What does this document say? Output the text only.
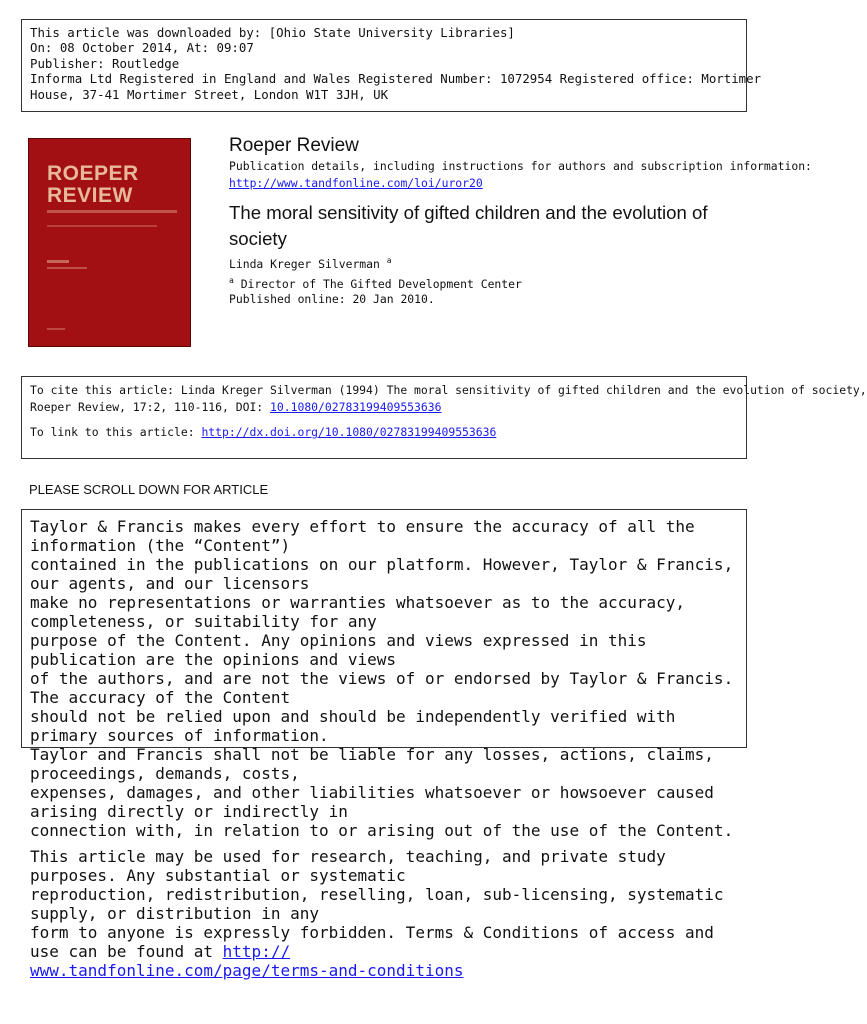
This article was downloaded by: [Ohio State University Libraries]
On: 08 October 2014, At: 09:07
Publisher: Routledge
Informa Ltd Registered in England and Wales Registered Number: 1072954 Registered office: Mortimer
House, 37-41 Mortimer Street, London W1T 3JH, UK
ROEPER
REVIEW
Roeper Review
Publication details, including instructions for authors and subscription information:
http://www.tandfonline.com/loi/uror20
The moral sensitivity of gifted children and the evolution of society
Linda Kreger Silverman $^a$
$^a$ Director of The Gifted Development Center
Published online: 20 Jan 2010.
To cite this article: Linda Kreger Silverman (1994) The moral sensitivity of gifted children and the evolution of society,
Roeper Review, 17:2, 110-116, DOI: 10.1080/02783199409553636
To link to this article: http://dx.doi.org/10.1080/02783199409553636
PLEASE SCROLL DOWN FOR ARTICLE

Taylor & Francis makes every effort to ensure the accuracy of all the information (the “Content”)
contained in the publications on our platform. However, Taylor & Francis, our agents, and our licensors
make no representations or warranties whatsoever as to the accuracy, completeness, or suitability for any
purpose of the Content. Any opinions and views expressed in this publication are the opinions and views
of the authors, and are not the views of or endorsed by Taylor & Francis. The accuracy of the Content
should not be relied upon and should be independently verified with primary sources of information.
Taylor and Francis shall not be liable for any losses, actions, claims, proceedings, demands, costs,
expenses, damages, and other liabilities whatsoever or howsoever caused arising directly or indirectly in
connection with, in relation to or arising out of the use of the Content.

This article may be used for research, teaching, and private study purposes. Any substantial or systematic
reproduction, redistribution, reselling, loan, sub-licensing, systematic supply, or distribution in any
form to anyone is expressly forbidden. Terms & Conditions of access and use can be found at http://
www.tandfonline.com/page/terms-and-conditions
